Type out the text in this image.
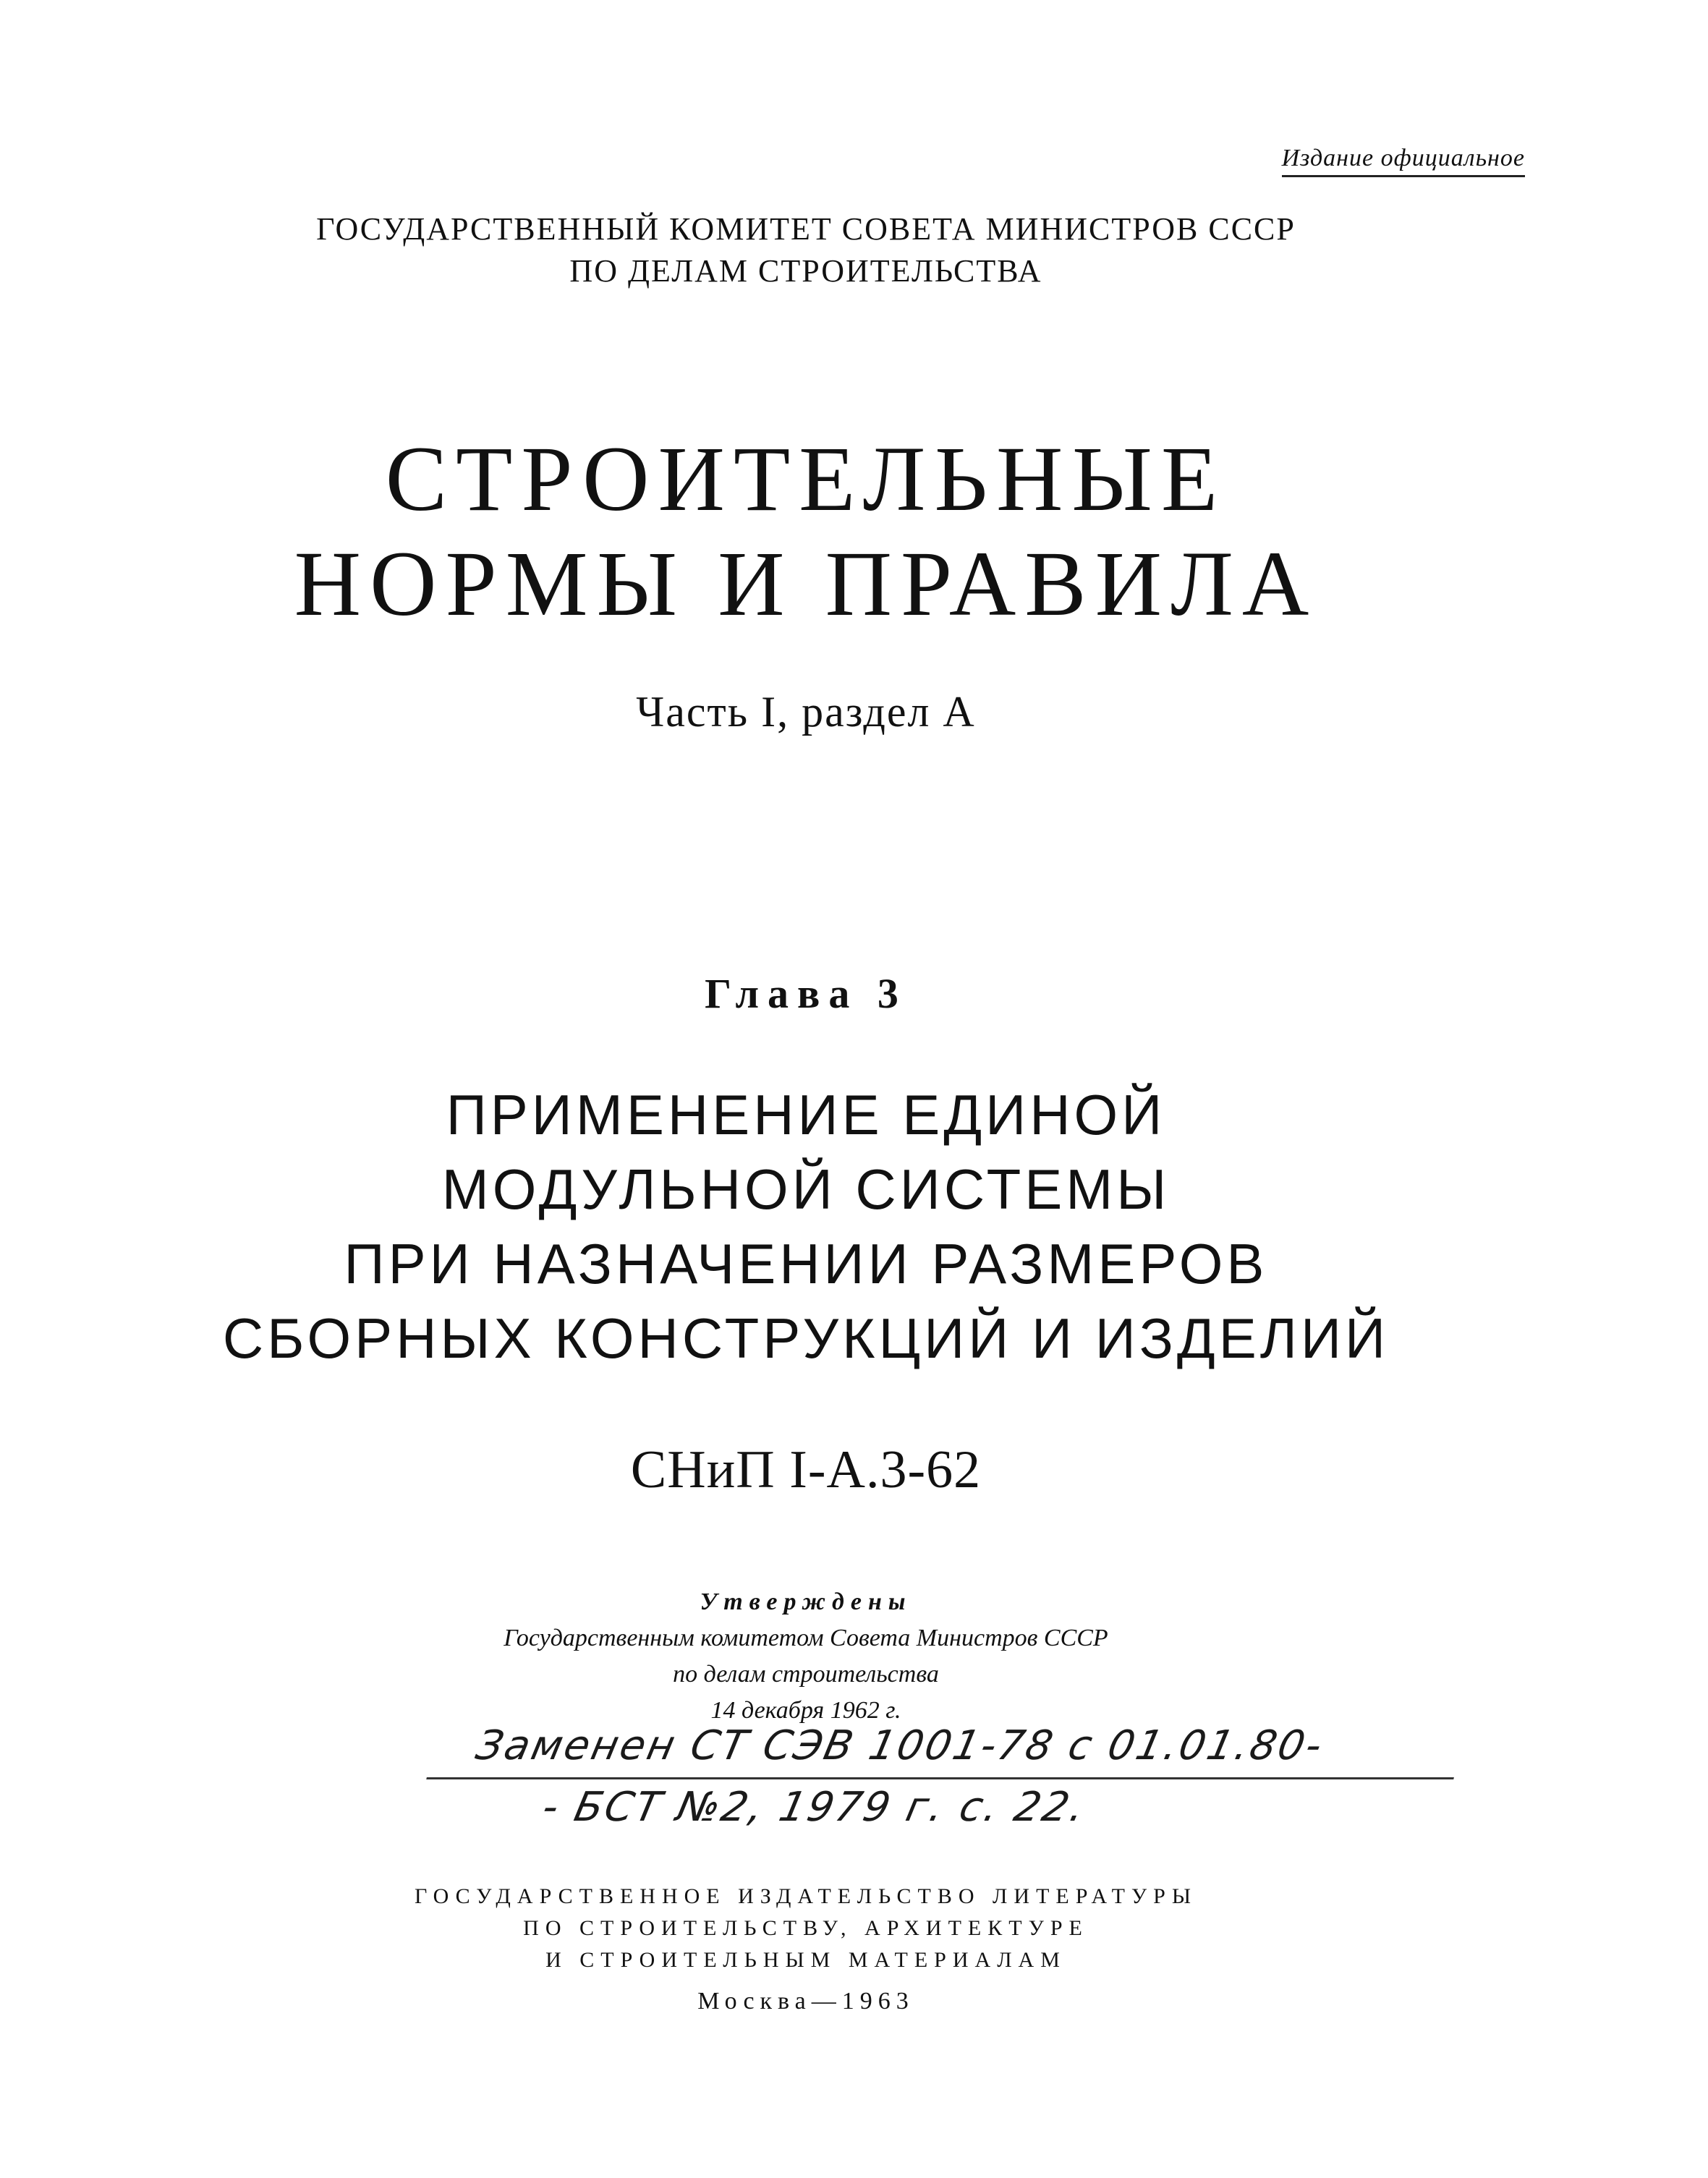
Издание официальное
ГОСУДАРСТВЕННЫЙ КОМИТЕТ СОВЕТА МИНИСТРОВ СССР
ПО ДЕЛАМ СТРОИТЕЛЬСТВА
СТРОИТЕЛЬНЫЕ
НОРМЫ И ПРАВИЛА
Часть I, раздел А
Глава 3
ПРИМЕНЕНИЕ ЕДИНОЙ
МОДУЛЬНОЙ СИСТЕМЫ
ПРИ НАЗНАЧЕНИИ РАЗМЕРОВ
СБОРНЫХ КОНСТРУКЦИЙ И ИЗДЕЛИЙ
СНиП I-А.3-62
Утверждены
Государственным комитетом Совета Министров СССР
по делам строительства
14 декабря 1962 г.
Заменен СТ СЭВ 1001-78 с 01.01.80-
- БСТ №2, 1979 г. с. 22.
ГОСУДАРСТВЕННОЕ ИЗДАТЕЛЬСТВО ЛИТЕРАТУРЫ
ПО СТРОИТЕЛЬСТВУ, АРХИТЕКТУРЕ
И СТРОИТЕЛЬНЫМ МАТЕРИАЛАМ
Москва—1963
